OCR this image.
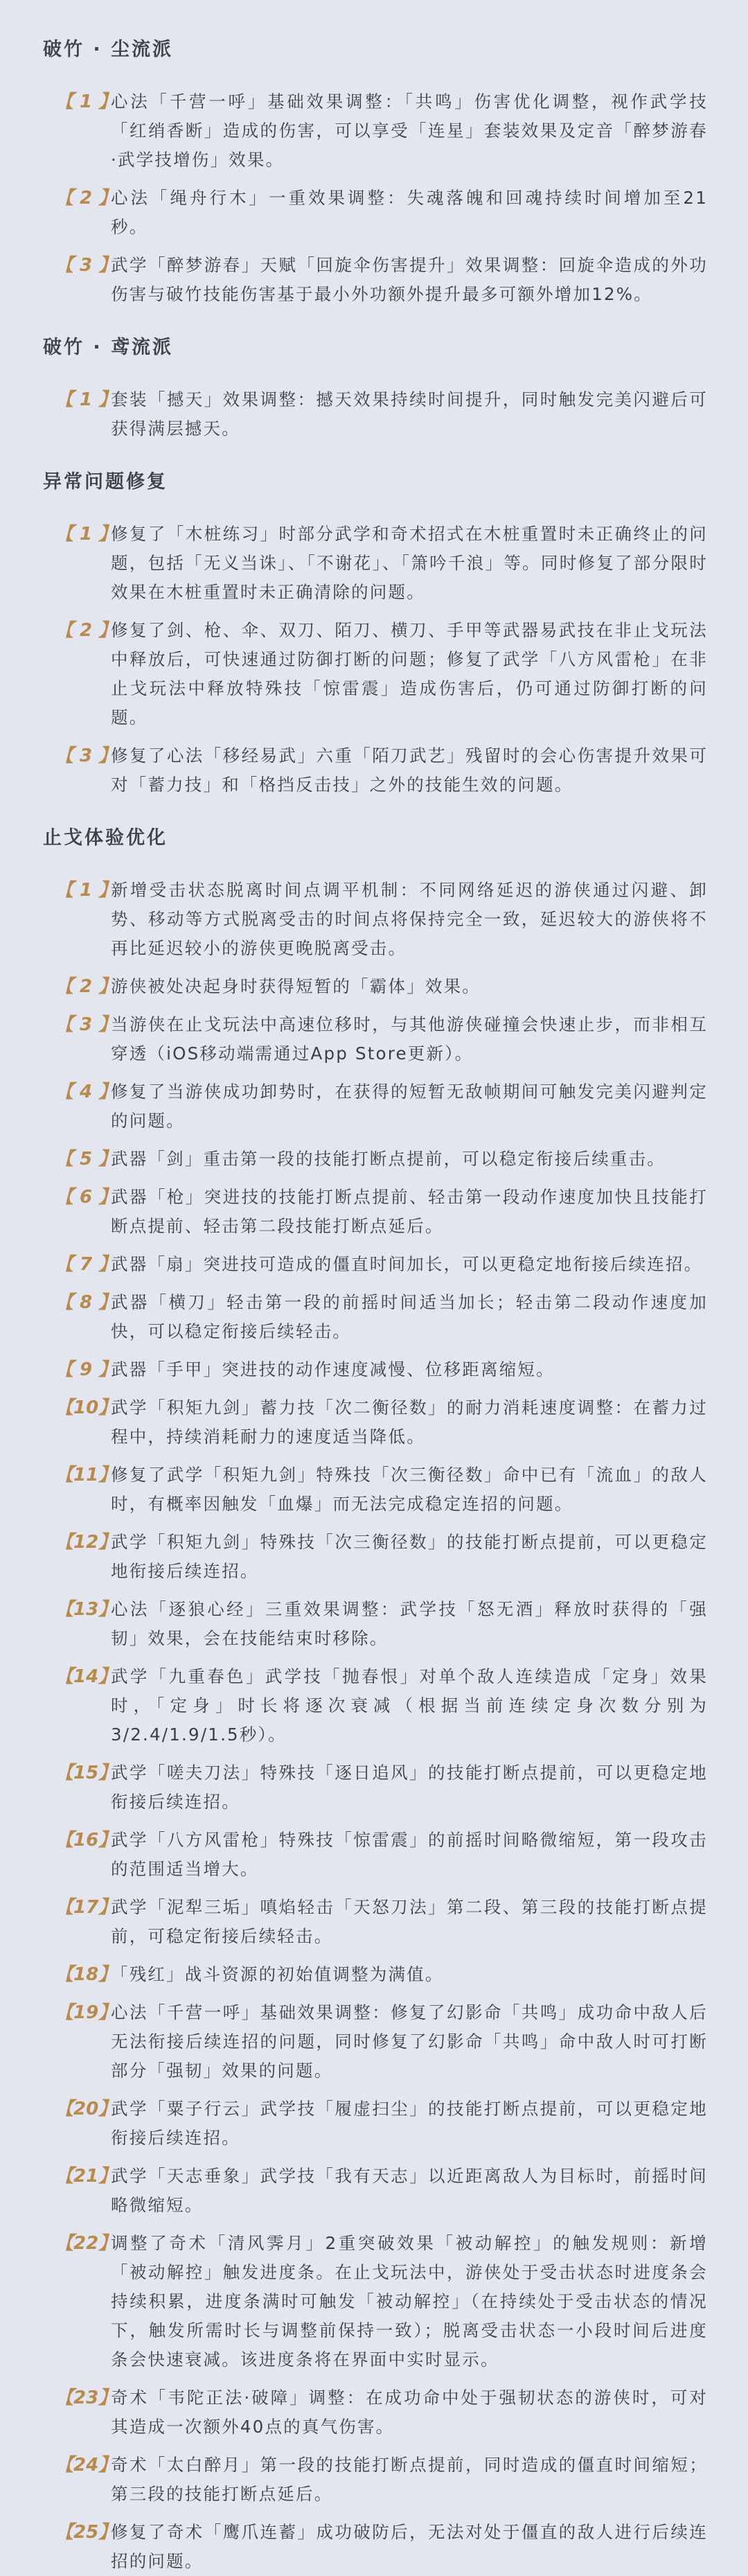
破竹 · 尘流派
【 1 】
心法「千营一呼」基础效果调整：「共鸣」伤害优化调整，视作武学技「红绡香断」造成的伤害，可以享受「连星」套装效果及定音「醉梦游春·武学技增伤」效果。
【 2 】
心法「绳舟行木」一重效果调整：失魂落魄和回魂持续时间增加至21秒。
【 3 】
武学「醉梦游春」天赋「回旋伞伤害提升」效果调整：回旋伞造成的外功伤害与破竹技能伤害基于最小外功额外提升最多可额外增加12%。
破竹 · 鸢流派
【 1 】
套装「撼天」效果调整：撼天效果持续时间提升，同时触发完美闪避后可获得满层撼天。
异常问题修复
【 1 】
修复了「木桩练习」时部分武学和奇术招式在木桩重置时未正确终止的问题，包括「无义当诛」、「不谢花」、「箫吟千浪」等。同时修复了部分限时效果在木桩重置时未正确清除的问题。
【 2 】
修复了剑、枪、伞、双刀、陌刀、横刀、手甲等武器易武技在非止戈玩法中释放后，可快速通过防御打断的问题；修复了武学「八方风雷枪」在非止戈玩法中释放特殊技「惊雷震」造成伤害后，仍可通过防御打断的问题。
【 3 】
修复了心法「移经易武」六重「陌刀武艺」残留时的会心伤害提升效果可对「蓄力技」和「格挡反击技」之外的技能生效的问题。
止戈体验优化
【 1 】
新增受击状态脱离时间点调平机制：不同网络延迟的游侠通过闪避、卸势、移动等方式脱离受击的时间点将保持完全一致，延迟较大的游侠将不再比延迟较小的游侠更晚脱离受击。
【 2 】
游侠被处决起身时获得短暂的「霸体」效果。
【 3 】
当游侠在止戈玩法中高速位移时，与其他游侠碰撞会快速止步，而非相互穿透（iOS移动端需通过App Store更新）。
【 4 】
修复了当游侠成功卸势时，在获得的短暂无敌帧期间可触发完美闪避判定的问题。
【 5 】
武器「剑」重击第一段的技能打断点提前，可以稳定衔接后续重击。
【 6 】
武器「枪」突进技的技能打断点提前、轻击第一段动作速度加快且技能打断点提前、轻击第二段技能打断点延后。
【 7 】
武器「扇」突进技可造成的僵直时间加长，可以更稳定地衔接后续连招。
【 8 】
武器「横刀」轻击第一段的前摇时间适当加长；轻击第二段动作速度加快，可以稳定衔接后续轻击。
【 9 】
武器「手甲」突进技的动作速度减慢、位移距离缩短。
【10】
武学「积矩九剑」蓄力技「次二衡径数」的耐力消耗速度调整：在蓄力过程中，持续消耗耐力的速度适当降低。
【11】
修复了武学「积矩九剑」特殊技「次三衡径数」命中已有「流血」的敌人时，有概率因触发「血爆」而无法完成稳定连招的问题。
【12】
武学「积矩九剑」特殊技「次三衡径数」的技能打断点提前，可以更稳定地衔接后续连招。
【13】
心法「逐狼心经」三重效果调整：武学技「怒无酒」释放时获得的「强韧」效果，会在技能结束时移除。
【14】
武学「九重春色」武学技「抛春恨」对单个敌人连续造成「定身」效果时，「定身」时长将逐次衰减（根据当前连续定身次数分别为3/2.4/1.9/1.5秒）。
【15】
武学「嗟夫刀法」特殊技「逐日追风」的技能打断点提前，可以更稳定地衔接后续连招。
【16】
武学「八方风雷枪」特殊技「惊雷震」的前摇时间略微缩短，第一段攻击的范围适当增大。
【17】
武学「泥犁三垢」嗔焰轻击「天怒刀法」第二段、第三段的技能打断点提前，可稳定衔接后续轻击。
【18】
「残红」战斗资源的初始值调整为满值。
【19】
心法「千营一呼」基础效果调整：修复了幻影命「共鸣」成功命中敌人后无法衔接后续连招的问题，同时修复了幻影命「共鸣」命中敌人时可打断部分「强韧」效果的问题。
【20】
武学「粟子行云」武学技「履虚扫尘」的技能打断点提前，可以更稳定地衔接后续连招。
【21】
武学「天志垂象」武学技「我有天志」以近距离敌人为目标时，前摇时间略微缩短。
【22】
调整了奇术「清风霁月」2重突破效果「被动解控」的触发规则：新增「被动解控」触发进度条。在止戈玩法中，游侠处于受击状态时进度条会持续积累，进度条满时可触发「被动解控」（在持续处于受击状态的情况下，触发所需时长与调整前保持一致）；脱离受击状态一小段时间后进度条会快速衰减。该进度条将在界面中实时显示。
【23】
奇术「韦陀正法·破障」调整：在成功命中处于强韧状态的游侠时，可对其造成一次额外40点的真气伤害。
【24】
奇术「太白醉月」第一段的技能打断点提前，同时造成的僵直时间缩短；第三段的技能打断点延后。
【25】
修复了奇术「鹰爪连蓄」成功破防后，无法对处于僵直的敌人进行后续连招的问题。
